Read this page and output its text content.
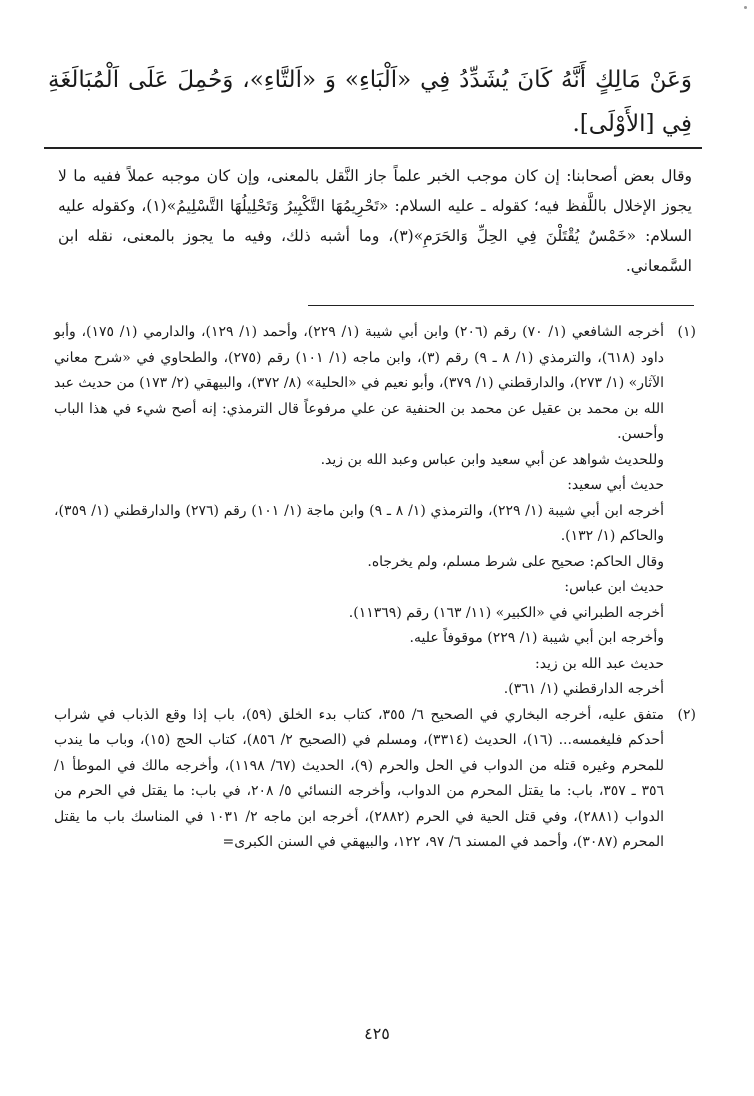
وَعَنْ مَالِكٍ أَنَّهُ كَانَ يُشَدِّدُ فِي «اَلْبَاءِ» وَ «اَلتَّاءِ»، وَحُمِلَ عَلَى اَلْمُبَالَغَةِ فِي [الأَوْلَى].
وقال بعض أصحابنا: إن كان موجب الخبر علماً جاز النَّقل بالمعنى، وإن كان موجبه عملاً ففيه ما لا يجوز الإخلال باللَّفظ فيه؛ كقوله ـ عليه السلام: «تَحْرِيمُهَا التَّكْبِيرُ وَتَحْلِيلُهَا التَّسْلِيمُ»(١)، وكقوله عليه السلام: «خَمْسٌ يُقْتَلْنَ فِي الحِلِّ وَالحَرَمِ»(٣)، وما أشبه ذلك، وفيه ما يجوز بالمعنى، نقله ابن السَّمعاني.
(١)

أخرجه الشافعي (١/ ٧٠) رقم (٢٠٦) وابن أبي شيبة (١/ ٢٢٩)، وأحمد (١/ ١٢٩)، والدارمي (١/ ١٧٥)، وأبو داود (٦١٨)، والترمذي (١/ ٨ ـ ٩) رقم (٣)، وابن ماجه (١/ ١٠١) رقم (٢٧٥)، والطحاوي في «شرح معاني الآثار» (١/ ٢٧٣)، والدارقطني (١/ ٣٧٩)، وأبو نعيم في «الحلية» (٨/ ٣٧٢)، والبيهقي (٢/ ١٧٣) من حديث عبد الله بن محمد بن عقيل عن محمد بن الحنفية عن علي مرفوعاً قال الترمذي: إنه أصح شيء في هذا الباب وأحسن.

وللحديث شواهد عن أبي سعيد وابن عباس وعبد الله بن زيد.

حديث أبي سعيد:

أخرجه ابن أبي شيبة (١/ ٢٢٩)، والترمذي (١/ ٨ ـ ٩) وابن ماجة (١/ ١٠١) رقم (٢٧٦) والدارقطني (١/ ٣٥٩)، والحاكم (١/ ١٣٢).

وقال الحاكم: صحيح على شرط مسلم، ولم يخرجاه.

حديث ابن عباس:

أخرجه الطبراني في «الكبير» (١١/ ١٦٣) رقم (١١٣٦٩).

وأخرجه ابن أبي شيبة (١/ ٢٢٩) موقوفاً عليه.

حديث عبد الله بن زيد:

أخرجه الدارقطني (١/ ٣٦١).

(٢)

متفق عليه، أخرجه البخاري في الصحيح ٦/ ٣٥٥، كتاب بدء الخلق (٥٩)، باب إذا وقع الذباب في شراب أحدكم فليغمسه... (١٦)، الحديث (٣٣١٤)، ومسلم في (الصحيح ٢/ ٨٥٦)، كتاب الحج (١٥)، وباب ما يندب للمحرم وغيره قتله من الدواب في الحل والحرم (٩)، الحديث (٦٧/ ١١٩٨)، وأخرجه مالك في الموطأ ١/ ٣٥٦ ـ ٣٥٧، باب: ما يقتل المحرم من الدواب، وأخرجه النسائي ٥/ ٢٠٨، في باب: ما يقتل في الحرم من الدواب (٢٨٨١)، وفي قتل الحية في الحرم (٢٨٨٢)، أخرجه ابن ماجه ٢/ ١٠٣١ في المناسك باب ما يقتل المحرم (٣٠٨٧)، وأحمد في المسند ٦/ ٩٧، ١٢٢، والبيهقي في السنن الكبرى=

٤٢٥
